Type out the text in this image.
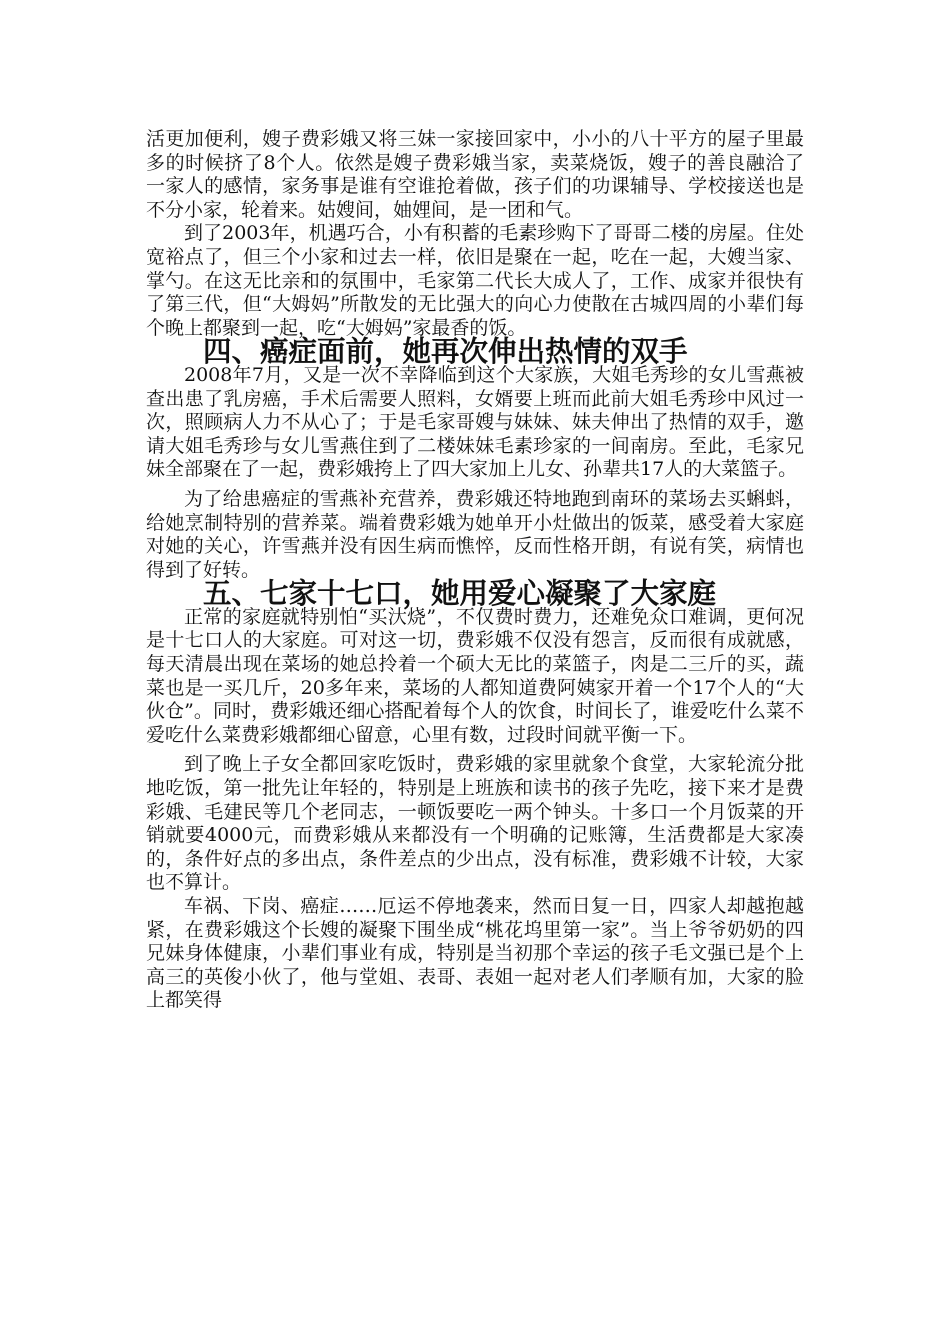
活更加便利，嫂子费彩娥又将三妹一家接回家中，小小的八十平方的屋子里最多的时候挤了8个人。依然是嫂子费彩娥当家，卖菜烧饭，嫂子的善良融洽了一家人的感情，家务事是谁有空谁抢着做，孩子们的功课辅导、学校接送也是不分小家，轮着来。姑嫂间，妯娌间，是一团和气。

到了2003年，机遇巧合，小有积蓄的毛素珍购下了哥哥二楼的房屋。住处宽裕点了，但三个小家和过去一样，依旧是聚在一起，吃在一起，大嫂当家、掌勺。在这无比亲和的氛围中，毛家第二代长大成人了，工作、成家并很快有了第三代，但“大姆妈”所散发的无比强大的向心力使散在古城四周的小辈们每个晚上都聚到一起，吃“大姆妈”家最香的饭。

四、癌症面前，她再次伸出热情的双手

2008年7月，又是一次不幸降临到这个大家族，大姐毛秀珍的女儿雪燕被查出患了乳房癌，手术后需要人照料，女婿要上班而此前大姐毛秀珍中风过一次，照顾病人力不从心了；于是毛家哥嫂与妹妹、妹夫伸出了热情的双手，邀请大姐毛秀珍与女儿雪燕住到了二楼妹妹毛素珍家的一间南房。至此，毛家兄妹全部聚在了一起，费彩娥挎上了四大家加上儿女、孙辈共17人的大菜篮子。

为了给患癌症的雪燕补充营养，费彩娥还特地跑到南环的菜场去买蝌蚪，给她烹制特别的营养菜。端着费彩娥为她单开小灶做出的饭菜，感受着大家庭对她的关心，许雪燕并没有因生病而憔悴，反而性格开朗，有说有笑，病情也得到了好转。

五、七家十七口，她用爱心凝聚了大家庭

正常的家庭就特别怕“买汏烧”，不仅费时费力，还难免众口难调，更何况是十七口人的大家庭。可对这一切，费彩娥不仅没有怨言，反而很有成就感，每天清晨出现在菜场的她总拎着一个硕大无比的菜篮子，肉是二三斤的买，蔬菜也是一买几斤，20多年来，菜场的人都知道费阿姨家开着一个17个人的“大伙仓”。同时，费彩娥还细心搭配着每个人的饮食，时间长了，谁爱吃什么菜不爱吃什么菜费彩娥都细心留意，心里有数，过段时间就平衡一下。

到了晚上子女全都回家吃饭时，费彩娥的家里就象个食堂，大家轮流分批地吃饭，第一批先让年轻的，特别是上班族和读书的孩子先吃，接下来才是费彩娥、毛建民等几个老同志，一顿饭要吃一两个钟头。十多口一个月饭菜的开销就要4000元，而费彩娥从来都没有一个明确的记账簿，生活费都是大家凑的，条件好点的多出点，条件差点的少出点，没有标准，费彩娥不计较，大家也不算计。

车祸、下岗、癌症……厄运不停地袭来，然而日复一日，四家人却越抱越紧，在费彩娥这个长嫂的凝聚下围坐成“桃花坞里第一家”。当上爷爷奶奶的四兄妹身体健康，小辈们事业有成，特别是当初那个幸运的孩子毛文强已是个上高三的英俊小伙了，他与堂姐、表哥、表姐一起对老人们孝顺有加，大家的脸上都笑得
